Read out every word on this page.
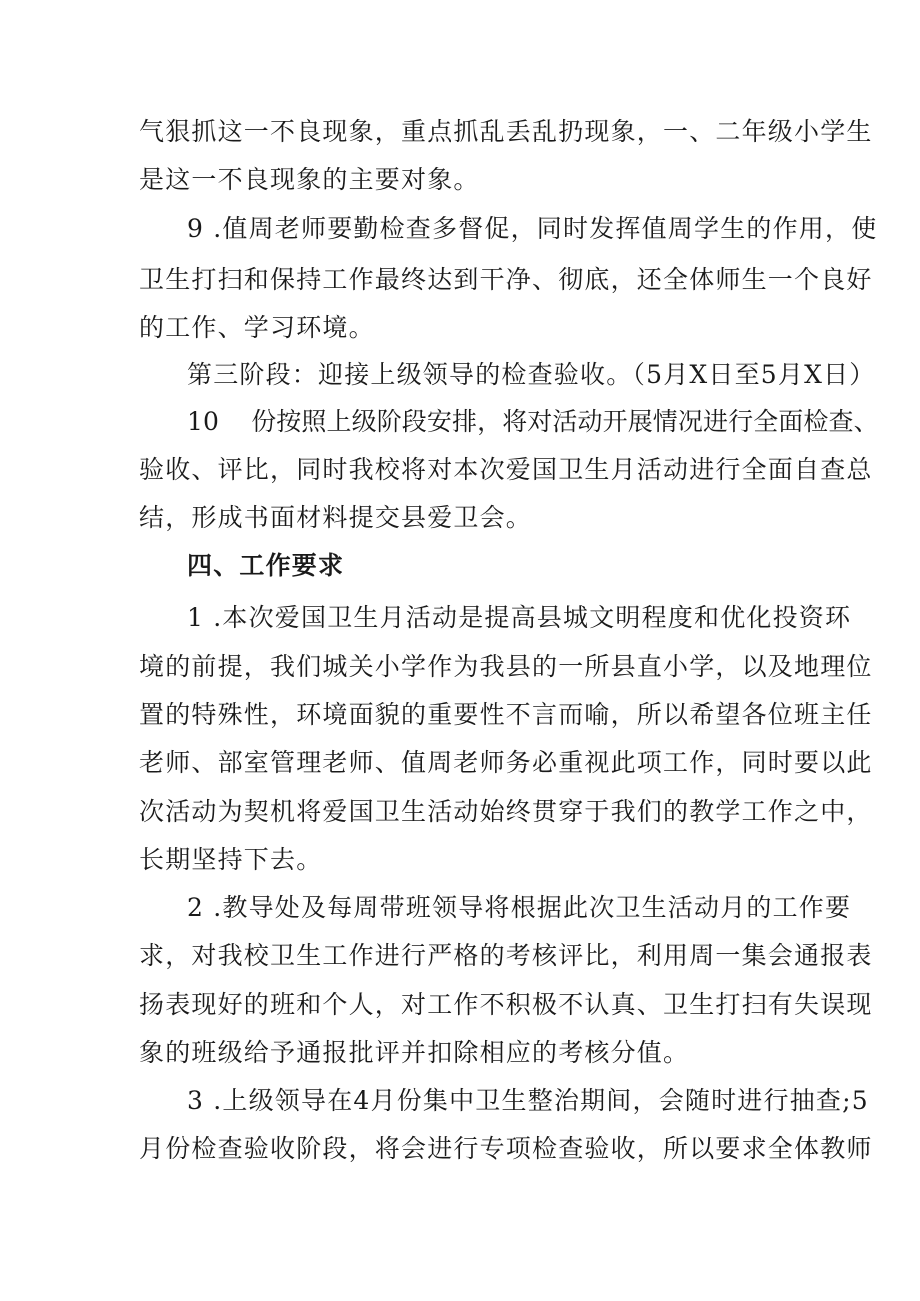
气狠抓这一不良现象，重点抓乱丢乱扔现象，一、二年级小学生
是这一不良现象的主要对象。
9 .值周老师要勤检查多督促，同时发挥值周学生的作用，使
卫生打扫和保持工作最终达到干净、彻底，还全体师生一个良好
的工作、学习环境。
第三阶段：迎接上级领导的检查验收。（5月X日至5月X日）
10    份按照上级阶段安排，将对活动开展情况进行全面检查、
验收、评比，同时我校将对本次爱国卫生月活动进行全面自查总
结，形成书面材料提交县爱卫会。
四、工作要求
1 .本次爱国卫生月活动是提高县城文明程度和优化投资环
境的前提，我们城关小学作为我县的一所县直小学，以及地理位
置的特殊性，环境面貌的重要性不言而喻，所以希望各位班主任
老师、部室管理老师、值周老师务必重视此项工作，同时要以此
次活动为契机将爱国卫生活动始终贯穿于我们的教学工作之中，
长期坚持下去。
2 .教导处及每周带班领导将根据此次卫生活动月的工作要
求，对我校卫生工作进行严格的考核评比，利用周一集会通报表
扬表现好的班和个人，对工作不积极不认真、卫生打扫有失误现
象的班级给予通报批评并扣除相应的考核分值。
3 .上级领导在4月份集中卫生整治期间，会随时进行抽查;5
月份检查验收阶段，将会进行专项检查验收，所以要求全体教师
